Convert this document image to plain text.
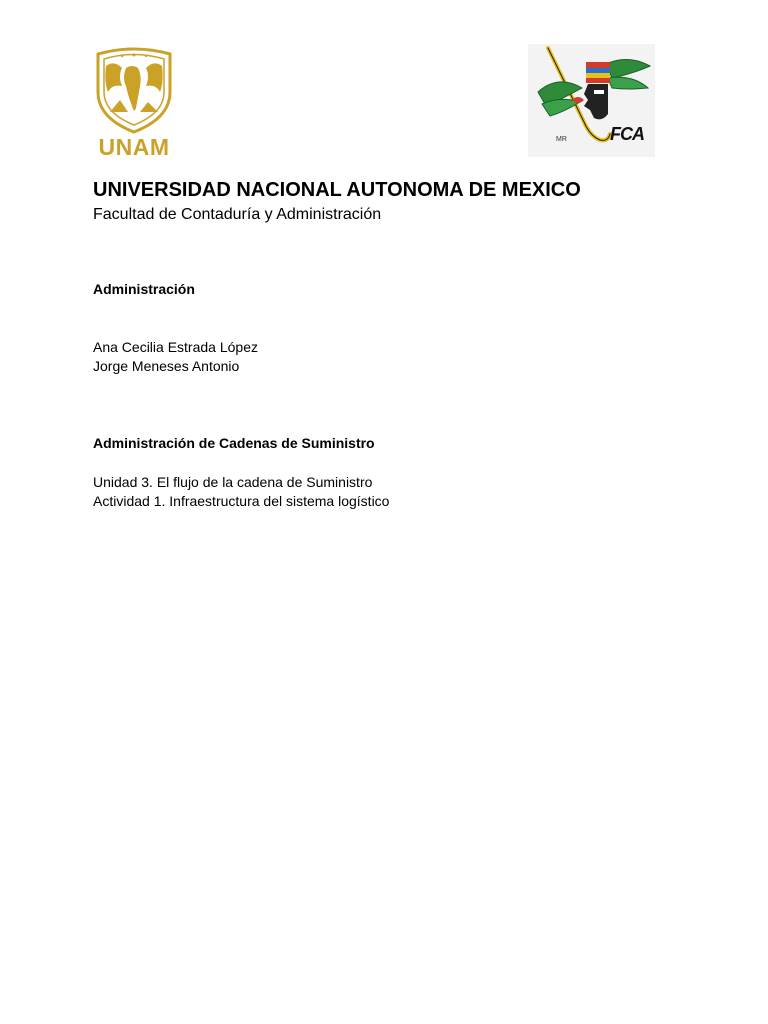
UNAM	MR FCA
UNIVERSIDAD NACIONAL AUTONOMA DE MEXICO
Facultad de Contaduría y Administración
Administración
Ana Cecilia Estrada López
Jorge Meneses Antonio
Administración de Cadenas de Suministro
Unidad 3. El flujo de la cadena de Suministro
Actividad 1. Infraestructura del sistema logístico
